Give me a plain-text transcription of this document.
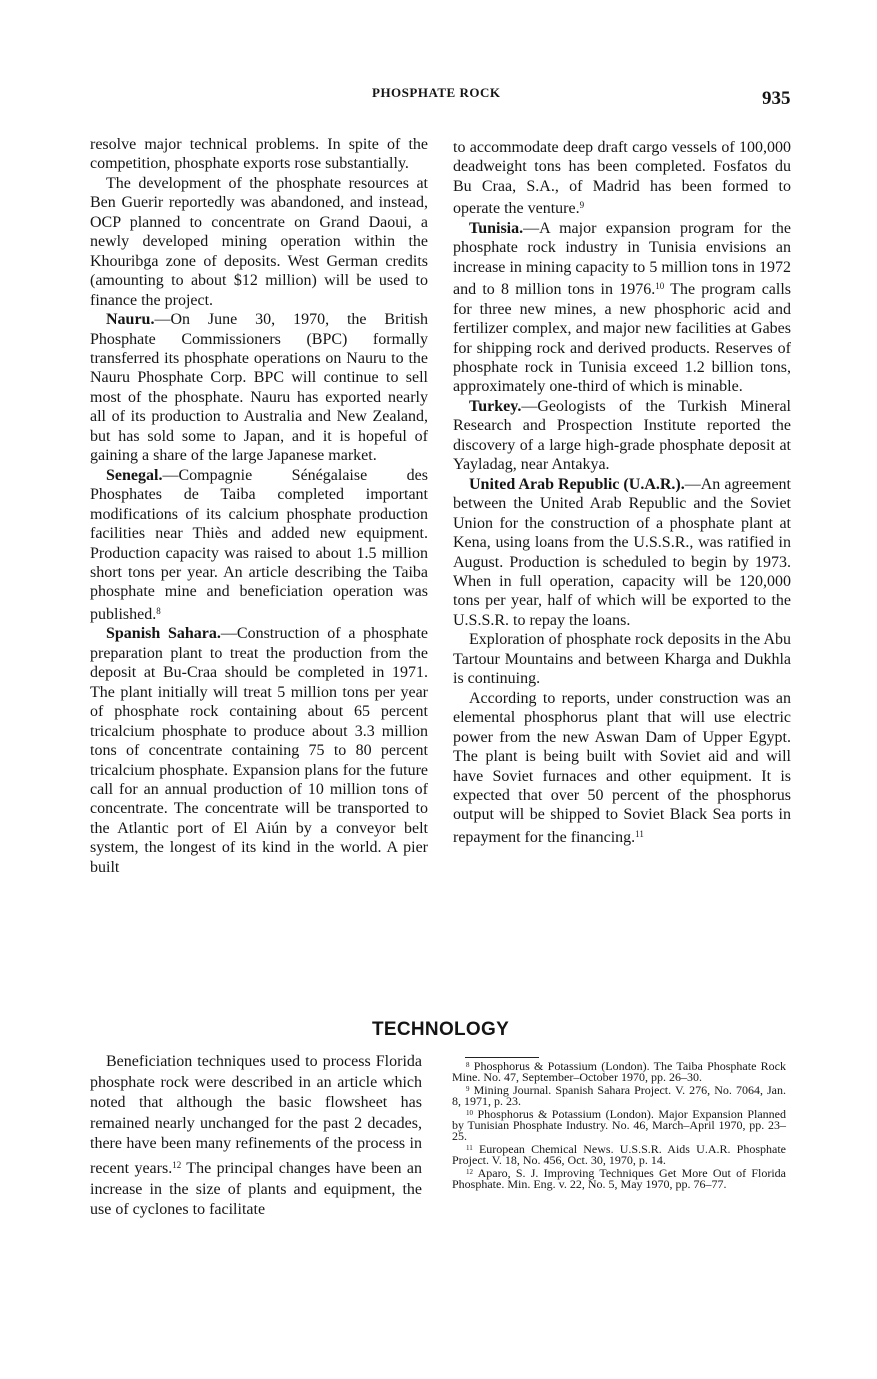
PHOSPHATE ROCK	935

resolve major technical problems. In spite of the competition, phosphate exports rose substantially.

The development of the phosphate resources at Ben Guerir reportedly was abandoned, and instead, OCP planned to concentrate on Grand Daoui, a newly developed mining operation within the Khouribga zone of deposits. West German credits (amounting to about $12 million) will be used to finance the project.

Nauru.—On June 30, 1970, the British Phosphate Commissioners (BPC) formally transferred its phosphate operations on Nauru to the Nauru Phosphate Corp. BPC will continue to sell most of the phosphate. Nauru has exported nearly all of its production to Australia and New Zealand, but has sold some to Japan, and it is hopeful of gaining a share of the large Japanese market.

Senegal.—Compagnie Sénégalaise des Phosphates de Taiba completed important modifications of its calcium phosphate production facilities near Thiès and added new equipment. Production capacity was raised to about 1.5 million short tons per year. An article describing the Taiba phosphate mine and beneficiation operation was published.$^8$

Spanish Sahara.—Construction of a phosphate preparation plant to treat the production from the deposit at Bu-Craa should be completed in 1971. The plant initially will treat 5 million tons per year of phosphate rock containing about 65 percent tricalcium phosphate to produce about 3.3 million tons of concentrate containing 75 to 80 percent tricalcium phosphate. Expansion plans for the future call for an annual production of 10 million tons of concentrate. The concentrate will be transported to the Atlantic port of El Aiún by a conveyor belt system, the longest of its kind in the world. A pier built

to accommodate deep draft cargo vessels of 100,000 deadweight tons has been completed. Fosfatos du Bu Craa, S.A., of Madrid has been formed to operate the venture.$^9$

Tunisia.—A major expansion program for the phosphate rock industry in Tunisia envisions an increase in mining capacity to 5 million tons in 1972 and to 8 million tons in 1976.10 The program calls for three new mines, a new phosphoric acid and fertilizer complex, and major new facilities at Gabes for shipping rock and derived products. Reserves of phosphate rock in Tunisia exceed 1.2 billion tons, approximately one-third of which is minable.

Turkey.—Geologists of the Turkish Mineral Research and Prospection Institute reported the discovery of a large high-grade phosphate deposit at Yayladag, near Antakya.

United Arab Republic (U.A.R.).—An agreement between the United Arab Republic and the Soviet Union for the construction of a phosphate plant at Kena, using loans from the U.S.S.R., was ratified in August. Production is scheduled to begin by 1973. When in full operation, capacity will be 120,000 tons per year, half of which will be exported to the U.S.S.R. to repay the loans.

Exploration of phosphate rock deposits in the Abu Tartour Mountains and between Kharga and Dukhla is continuing.

According to reports, under construction was an elemental phosphorus plant that will use electric power from the new Aswan Dam of Upper Egypt. The plant is being built with Soviet aid and will have Soviet furnaces and other equipment. It is expected that over 50 percent of the phosphorus output will be shipped to Soviet Black Sea ports in repayment for the financing.$^{11}$

TECHNOLOGY

Beneficiation techniques used to process Florida phosphate rock were described in an article which noted that although the basic flowsheet has remained nearly unchanged for the past 2 decades, there have been many refinements of the process in recent years.$^{12}$ The principal changes have been an increase in the size of plants and equipment, the use of cyclones to facilitate

$^8$ Phosphorus & Potassium (London). The Taiba Phosphate Rock Mine. No. 47, September–October 1970, pp. 26–30.

$^9$ Mining Journal. Spanish Sahara Project. V. 276, No. 7064, Jan. 8, 1971, p. 23.

$^{10}$ Phosphorus & Potassium (London). Major Expansion Planned by Tunisian Phosphate Industry. No. 46, March–April 1970, pp. 23–25.

$^{11}$ European Chemical News. U.S.S.R. Aids U.A.R. Phosphate Project. V. 18, No. 456, Oct. 30, 1970, p. 14.

$^{12}$ Aparo, S. J. Improving Techniques Get More Out of Florida Phosphate. Min. Eng. v. 22, No. 5, May 1970, pp. 76–77.
